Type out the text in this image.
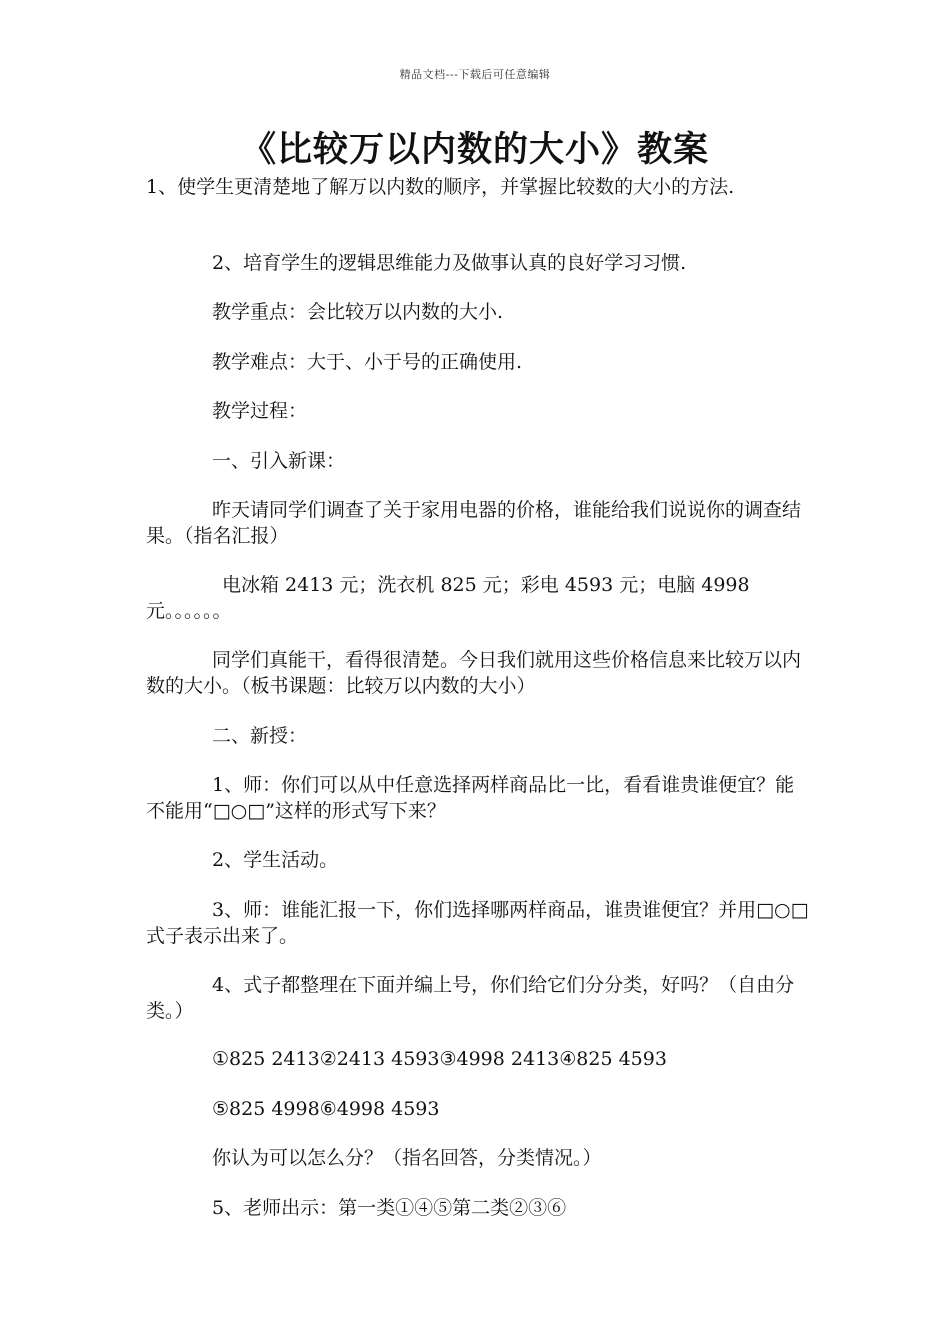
精品文档---下载后可任意编辑
《比较万以内数的大小》教案

1、使学生更清楚地了解万以内数的顺序，并掌握比较数的大小的方法.

2、培育学生的逻辑思维能力及做事认真的良好学习习惯.

教学重点：会比较万以内数的大小.

教学难点：大于、小于号的正确使用.

教学过程：

一、引入新课：

昨天请同学们调查了关于家用电器的价格，谁能给我们说说你的调查结果。（指名汇报）

电冰箱 2413 元；洗衣机 825 元；彩电 4593 元；电脑 4998 元。。。。。。

同学们真能干，看得很清楚。今日我们就用这些价格信息来比较万以内数的大小。（板书课题：比较万以内数的大小）

二、新授：

1、师：你们可以从中任意选择两样商品比一比，看看谁贵谁便宜？能不能用“□○□”这样的形式写下来？

2、学生活动。

3、师：谁能汇报一下，你们选择哪两样商品，谁贵谁便宜？并用□○□式子表示出来了。

4、式子都整理在下面并编上号，你们给它们分分类，好吗？（自由分类。）

①825 2413②2413 4593③4998 2413④825 4593

⑤825 4998⑥4998 4593

你认为可以怎么分？（指名回答，分类情况。）

5、老师出示：第一类①④⑤第二类②③⑥
